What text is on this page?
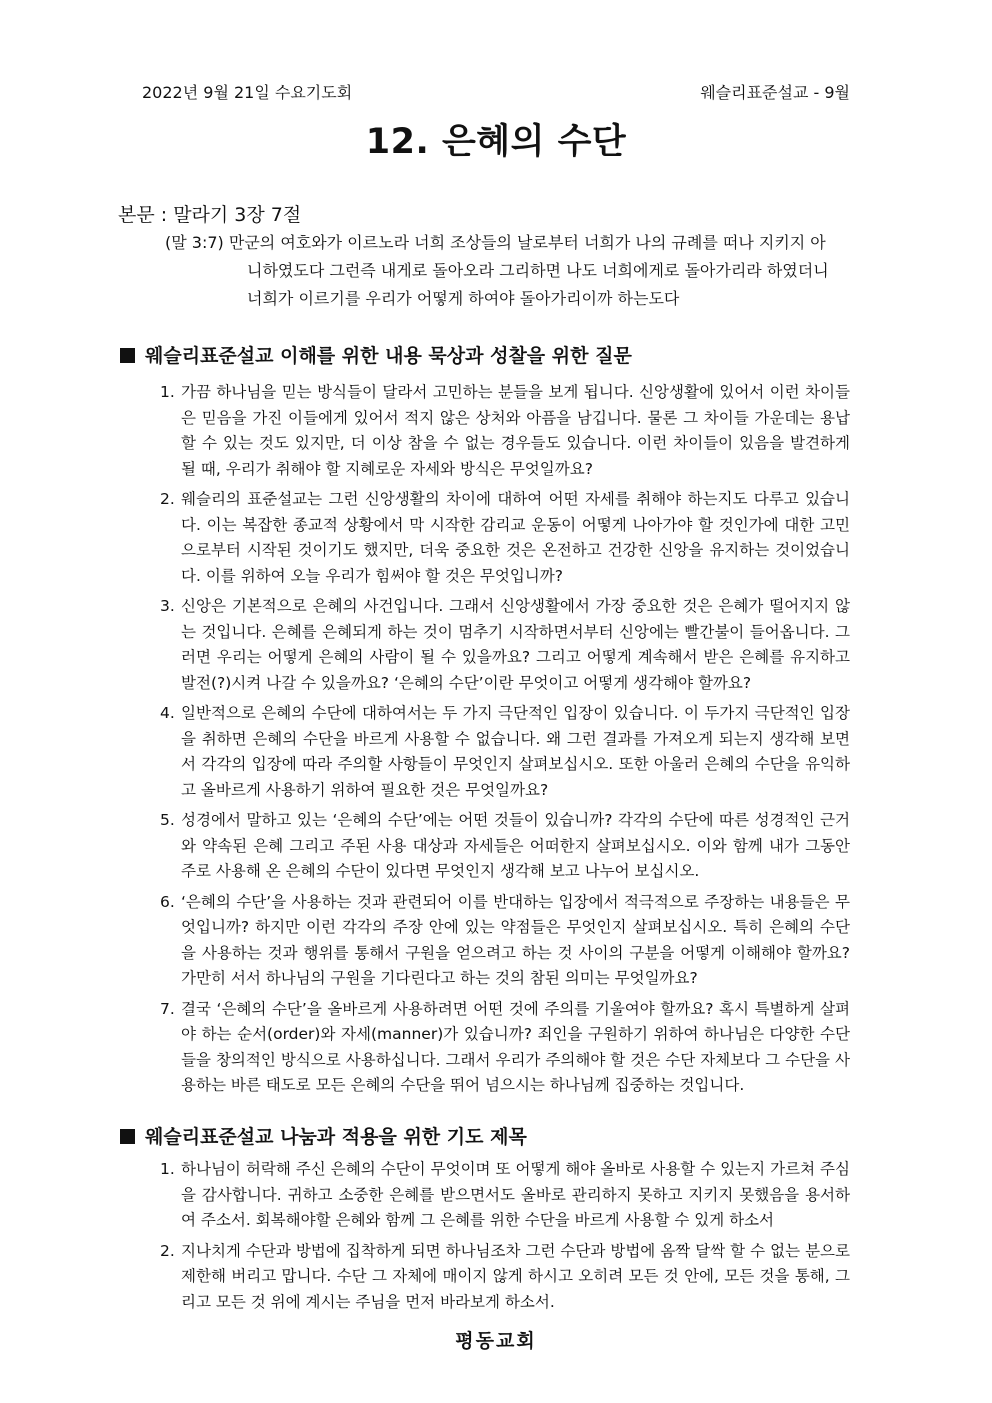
2022년 9월 21일 수요기도회	웨슬리표준설교 - 9월
12. 은혜의 수단
본문 : 말라기 3장 7절
(말 3:7) 만군의 여호와가 이르노라 너희 조상들의 날로부터 너희가 나의 규례를 떠나 지키지 아
니하였도다 그런즉 내게로 돌아오라 그리하면 나도 너희에게로 돌아가리라 하였더니
너희가 이르기를 우리가 어떻게 하여야 돌아가리이까 하는도다
웨슬리표준설교 이해를 위한 내용 묵상과 성찰을 위한 질문
1. 가끔 하나님을 믿는 방식들이 달라서 고민하는 분들을 보게 됩니다. 신앙생활에 있어서 이런 차이들은 믿음을 가진 이들에게 있어서 적지 않은 상처와 아픔을 남깁니다. 물론 그 차이들 가운데는 용납할 수 있는 것도 있지만, 더 이상 참을 수 없는 경우들도 있습니다. 이런 차이들이 있음을 발견하게 될 때, 우리가 취해야 할 지혜로운 자세와 방식은 무엇일까요?
2. 웨슬리의 표준설교는 그런 신앙생활의 차이에 대하여 어떤 자세를 취해야 하는지도 다루고 있습니다. 이는 복잡한 종교적 상황에서 막 시작한 감리교 운동이 어떻게 나아가야 할 것인가에 대한 고민으로부터 시작된 것이기도 했지만, 더욱 중요한 것은 온전하고 건강한 신앙을 유지하는 것이었습니다. 이를 위하여 오늘 우리가 힘써야 할 것은 무엇입니까?
3. 신앙은 기본적으로 은혜의 사건입니다. 그래서 신앙생활에서 가장 중요한 것은 은혜가 떨어지지 않는 것입니다. 은혜를 은혜되게 하는 것이 멈추기 시작하면서부터 신앙에는 빨간불이 들어옵니다. 그러면 우리는 어떻게 은혜의 사람이 될 수 있을까요? 그리고 어떻게 계속해서 받은 은혜를 유지하고 발전(?)시켜 나갈 수 있을까요? ‘은혜의 수단’이란 무엇이고 어떻게 생각해야 할까요?
4. 일반적으로 은혜의 수단에 대하여서는 두 가지 극단적인 입장이 있습니다. 이 두가지 극단적인 입장을 취하면 은혜의 수단을 바르게 사용할 수 없습니다. 왜 그런 결과를 가져오게 되는지 생각해 보면서 각각의 입장에 따라 주의할 사항들이 무엇인지 살펴보십시오. 또한 아울러 은혜의 수단을 유익하고 올바르게 사용하기 위하여 필요한 것은 무엇일까요?
5. 성경에서 말하고 있는 ‘은혜의 수단’에는 어떤 것들이 있습니까? 각각의 수단에 따른 성경적인 근거와 약속된 은혜 그리고 주된 사용 대상과 자세들은 어떠한지 살펴보십시오. 이와 함께 내가 그동안 주로 사용해 온 은혜의 수단이 있다면 무엇인지 생각해 보고 나누어 보십시오.
6. ‘은혜의 수단’을 사용하는 것과 관련되어 이를 반대하는 입장에서 적극적으로 주장하는 내용들은 무엇입니까? 하지만 이런 각각의 주장 안에 있는 약점들은 무엇인지 살펴보십시오. 특히 은혜의 수단을 사용하는 것과 행위를 통해서 구원을 얻으려고 하는 것 사이의 구분을 어떻게 이해해야 할까요? 가만히 서서 하나님의 구원을 기다린다고 하는 것의 참된 의미는 무엇일까요?
7. 결국 ‘은혜의 수단’을 올바르게 사용하려면 어떤 것에 주의를 기울여야 할까요? 혹시 특별하게 살펴야 하는 순서(order)와 자세(manner)가 있습니까? 죄인을 구원하기 위하여 하나님은 다양한 수단들을 창의적인 방식으로 사용하십니다. 그래서 우리가 주의해야 할 것은 수단 자체보다 그 수단을 사용하는 바른 태도로 모든 은혜의 수단을 뛰어 넘으시는 하나님께 집중하는 것입니다.
웨슬리표준설교 나눔과 적용을 위한 기도 제목
1. 하나님이 허락해 주신 은혜의 수단이 무엇이며 또 어떻게 해야 올바로 사용할 수 있는지 가르쳐 주심을 감사합니다. 귀하고 소중한 은혜를 받으면서도 올바로 관리하지 못하고 지키지 못했음을 용서하여 주소서. 회복해야할 은혜와 함께 그 은혜를 위한 수단을 바르게 사용할 수 있게 하소서
2. 지나치게 수단과 방법에 집착하게 되면 하나님조차 그런 수단과 방법에 옴짝 달싹 할 수 없는 분으로 제한해 버리고 맙니다. 수단 그 자체에 매이지 않게 하시고 오히려 모든 것 안에, 모든 것을 통해, 그리고 모든 것 위에 계시는 주님을 먼저 바라보게 하소서.
평동교회
